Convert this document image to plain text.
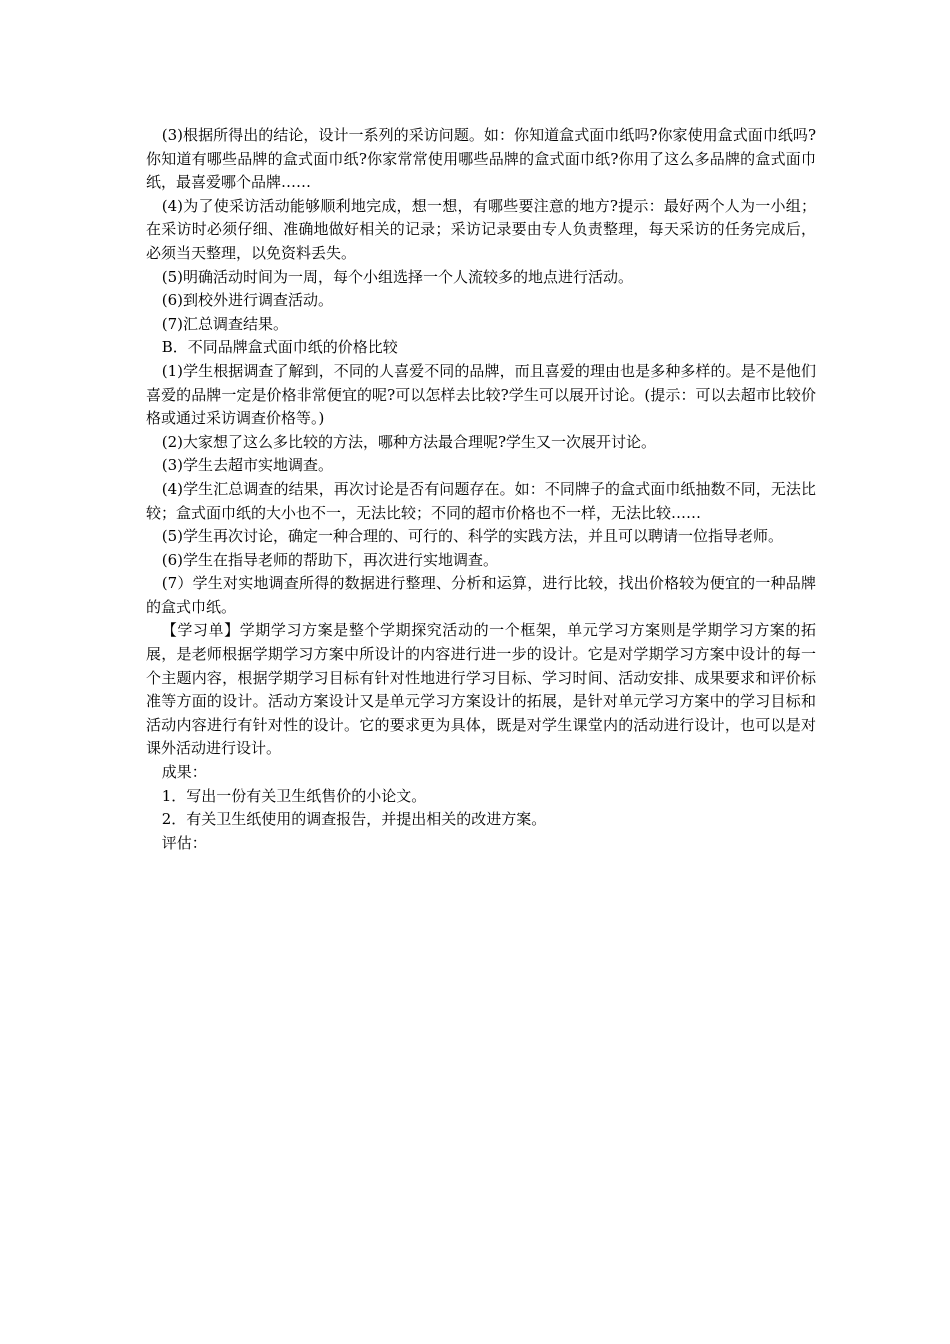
(3)根据所得出的结论，设计一系列的采访问题。如：你知道盒式面巾纸吗?你家使用盒式面巾纸吗?你知道有哪些品牌的盒式面巾纸?你家常常使用哪些品牌的盒式面巾纸?你用了这么多品牌的盒式面巾纸，最喜爱哪个品牌……

(4)为了使采访活动能够顺利地完成，想一想，有哪些要注意的地方?提示：最好两个人为一小组；在采访时必须仔细、准确地做好相关的记录；采访记录要由专人负责整理，每天采访的任务完成后，必须当天整理，以免资料丢失。

(5)明确活动时间为一周，每个小组选择一个人流较多的地点进行活动。

(6)到校外进行调查活动。

(7)汇总调查结果。

B．不同品牌盒式面巾纸的价格比较

(1)学生根据调查了解到，不同的人喜爱不同的品牌，而且喜爱的理由也是多种多样的。是不是他们喜爱的品牌一定是价格非常便宜的呢?可以怎样去比较?学生可以展开讨论。(提示：可以去超市比较价格或通过采访调查价格等。)

(2)大家想了这么多比较的方法，哪种方法最合理呢?学生又一次展开讨论。

(3)学生去超市实地调查。

(4)学生汇总调查的结果，再次讨论是否有问题存在。如：不同牌子的盒式面巾纸抽数不同，无法比较；盒式面巾纸的大小也不一，无法比较；不同的超市价格也不一样，无法比较……

(5)学生再次讨论，确定一种合理的、可行的、科学的实践方法，并且可以聘请一位指导老师。

(6)学生在指导老师的帮助下，再次进行实地调查。

(7）学生对实地调查所得的数据进行整理、分析和运算，进行比较，找出价格较为便宜的一种品牌的盒式巾纸。

【学习单】学期学习方案是整个学期探究活动的一个框架，单元学习方案则是学期学习方案的拓展，是老师根据学期学习方案中所设计的内容进行进一步的设计。它是对学期学习方案中设计的每一个主题内容，根据学期学习目标有针对性地进行学习目标、学习时间、活动安排、成果要求和评价标准等方面的设计。活动方案设计又是单元学习方案设计的拓展，是针对单元学习方案中的学习目标和活动内容进行有针对性的设计。它的要求更为具体，既是对学生课堂内的活动进行设计，也可以是对课外活动进行设计。

成果：

1．写出一份有关卫生纸售价的小论文。

2．有关卫生纸使用的调查报告，并提出相关的改进方案。

评估：
